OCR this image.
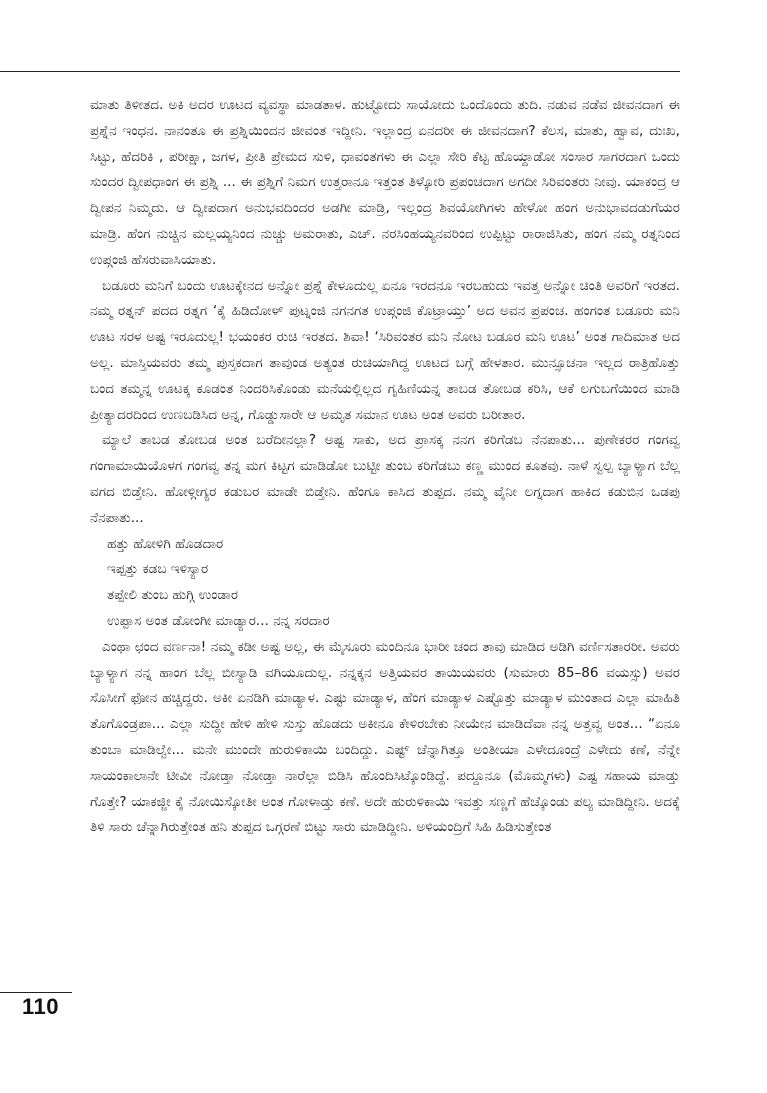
ಮಾತು ತಿಳೀತದ. ಅಕಿ ಅದರ ಊಟದ ವ್ಯವಸ್ಥಾ ಮಾಡತಾಳ. ಹುಟ್ಟೋದು ಸಾಯೋದು ಒಂದೊಂದು ತುದಿ. ನಡುವ ನಡೆವ ಜೀವನದಾಗ ಈ ಪ್ರಶ್ನೆನ ಇಂಧನ. ನಾನಂತೂ ಈ ಪ್ರಶ್ನಿಯಿಂದನ ಜೀವಂತ ಇದ್ದೀನಿ. ಇಲ್ಲಾಂದ್ರ ಏನದರೀ ಈ ಜೀವನದಾಗ? ಕೆಲಸ, ಮಾತು, ಹ್ವಾವ, ದುಃಖ, ಸಿಟ್ಟು, ಹೆದರಿಕಿ , ಪರೀಕ್ಷಾ, ಜಗಳ, ಪ್ರೀತಿ ಪ್ರೇಮದ ಸುಳಿ, ಧಾವಂತಗಳು ಈ ಎಲ್ಲಾ ಸೇರಿ ಕೆಟ್ಟ ಹೊಯ್ದಾಡೋ ಸಂಸಾರ ಸಾಗರದಾಗ ಒಂದು ಸುಂದರ ದ್ವೀಪಧಾಂಗ ಈ ಪ್ರಶ್ನಿ ... ಈ ಪ್ರಶ್ನಿಗೆ ನಿಮಗ ಉತ್ತರಾನೂ ಇತ್ತಂತ ತಿಳ್ಕೋರಿ ಪ್ರಪಂಚದಾಗ ಅಗದೀ ಸಿರಿವಂತರು ನೀವು. ಯಾಕಂದ್ರ ಆ ದ್ವೀಪನ ನಿಮ್ಮದು. ಆ ದ್ವೀಪದಾಗ ಅನುಭವದಿಂದರ ಅಡಗೀ ಮಾಡ್ರಿ, ಇಲ್ಲಂದ್ರ ಶಿವಯೋಗಿಗಳು ಹೇಳೋ ಹಂಗ ಅನುಭಾವದಡುಗೆಯರ ಮಾಡ್ರಿ. ಹೆಂಗ ನುಚ್ಚಿನ ಮಲ್ಲಯ್ಯನಿಂದ ನುಚ್ಚು ಅಮರಾತು, ಎಚ್. ನರಸಿಂಹಯ್ಯನವರಿಂದ ಉಪ್ಪಿಟ್ಟು ರಾರಾಜಿಸಿತು, ಹಂಗ ನಮ್ಮ ರತ್ನನಿಂದ ಉಪ್ಗಂಜಿ ಹೆಸರುವಾಸಿಯಾತು.

ಬಡೂರು ಮನಿಗೆ ಬಂದು ಊಟಕ್ಕೇನದ ಅನ್ನೋ ಪ್ರಶ್ನೆ ಕೇಳೂದುಲ್ಲ ಏನೂ ಇರದನೂ ಇರಬಹುದು ಇವತ್ತ ಅನ್ನೋ ಚಿಂತಿ ಅವರಿಗೆ ಇರತದ. ನಮ್ಮ ರತ್ನನ್ ಪದದ ರತ್ನಗ ‘ಕೈ ಹಿಡಿದೋಳ್ ಪುಟ್ನಂಜಿ ನಗನಗತ ಉಪ್ಗಂಜಿ ಕೊಟ್ರಾಯ್ತು’ ಅದ ಅವನ ಪ್ರಪಂಚ. ಹಂಗಂತ ಬಡೂರು ಮನಿ ಊಟ ಸರಳ ಅಷ್ಟ ಇರೂದುಲ್ಲ! ಭಯಂಕರ ರುಚಿ ಇರತದ. ಶಿವಾ! ‘ಸಿರಿವಂತರ ಮನಿ ನೋಟ ಬಡೂರ ಮನಿ ಊಟ’ ಅಂತ ಗಾದಿಮಾತ ಅದ ಅಲ್ಲ. ಮಾಸ್ತಿಯವರು ತಮ್ಮ ಪುಸ್ತಕದಾಗ ತಾವುಂಡ ಅತ್ಯಂತ ರುಚಿಯಾಗಿದ್ದ ಊಟದ ಬಗ್ಗೆ ಹೇಳತಾರ. ಮುನ್ಸೂಚನಾ ಇಲ್ಲದ ರಾತ್ರಿಹೊತ್ತು ಬಂದ ತಮ್ಮನ್ನ ಊಟಕ್ಕ ಕೂಡಂತ ನಿಂದರಿಸಿಕೊಂಡು ಮನೆಯಲ್ಲಿಲ್ಲದ ಗೃಹಿಣಿಯನ್ನ ತಾಬಡ ತೋಬಡ ಕರಿಸಿ, ಆಕೆ ಲಗುಬಗೆಯಿಂದ ಮಾಡಿ ಪ್ರೀತ್ಯಾದರದಿಂದ ಉಣಬಡಿಸಿದ ಅನ್ನ, ಗೊಡ್ಡುಸಾರೇ ಆ ಅಮೃತ ಸಮಾನ ಊಟ ಅಂತ ಅವರು ಬರೀತಾರ.

ಮ್ಯಾಲೆ ತಾಬಡ ತೋಬಡ ಅಂತ ಬರೆದೀನಲ್ಲಾ? ಅಷ್ಟ ಸಾಕು, ಅದ ಪ್ರಾಸಕ್ಕ ನನಗ ಕರಿಗೆಡಬ ನೆನಪಾತು... ಪುಣೇಕರರ ಗಂಗವ್ವ ಗಂಗಾಮಾಯಿಯೊಳಗ ಗಂಗವ್ವ ತನ್ನ ಮಗ ಕಿಟ್ಟಗ ಮಾಡಿಡೋ ಬುಟ್ಟೀ ತುಂಬ ಕರಿಗೆಡಬು ಕಣ್ಣ ಮುಂದ ಕೂತವು. ನಾಳೆ ಸ್ವಲ್ಪ ಬ್ಯಾಳ್ಯಾಗ ಬೆಲ್ಲ ವಗದ ಬಿಡ್ತೇನಿ. ಹೋಳ್ಗೀಗ್ಯರ ಕಡುಬರ ಮಾಡೇ ಬಿಡ್ತೇನಿ. ಹೆಂಗೂ ಕಾಸಿದ ತುಪ್ಪದ. ನಮ್ಮ ವೈನೀ ಲಗ್ನದಾಗ ಹಾಕಿದ ಕಡುಬಿನ ಒಡಪು ನೆನಪಾತು...

ಹತ್ತು ಹೋಳಿಗಿ ಹೊಡದಾರ
ಇಪ್ಪತ್ತು ಕಡಬ ಇಳಿಸ್ಯಾರ
ತಪ್ಪೇಲಿ ತುಂಬ ಹುಗ್ಗಿ ಉಂಡಾರ
ಉಪ್ಪಾಸ ಅಂತ ಡೋಂಗೀ ಮಾಡ್ಯಾರ... ನನ್ನ ಸರದಾರ

ಎಂಥಾ ಛಂದ ವರ್ಣನಾ! ನಮ್ಮ ಕಡೀ ಅಷ್ಟ ಅಲ್ಲ, ಈ ಮೈಸೂರು ಮಂದಿನೂ ಭಾರೀ ಚಂದ ತಾವು ಮಾಡಿದ ಅಡಿಗಿ ವರ್ಣಿಸತಾರರೀ. ಅವರು ಬ್ಯಾಳ್ಯಾಗ ನನ್ನ ಹಾಂಗ ಬೆಲ್ಲ ಬೀಸ್ಯಾಡಿ ವಗಿಯೂದುಲ್ಲ. ನನ್ನಕ್ಕನ ಅತ್ತಿಯವರ ತಾಯಿಯವರು (ಸುಮಾರು 85–86 ವಯಸ್ಸು) ಅವರ ಸೊಸೀಗೆ ಫೋನ ಹಚ್ಚಿದ್ದರು. ಅಕೀ ಏನಡಿಗಿ ಮಾಡ್ಯಾಳ. ಎಷ್ಟು ಮಾಡ್ಯಾಳ, ಹೆಂಗ ಮಾಡ್ಯಾಳ ಎಷ್ಟೊತ್ತು ಮಾಡ್ಯಾಳ ಮುಂತಾದ ಎಲ್ಲಾ ಮಾಹಿತಿ ತೊಗೊಂಡ್ರಪಾ... ಎಲ್ಲಾ ಸುದ್ದೀ ಹೇಳಿ ಹೇಳಿ ಸುಸ್ತು ಹೊಡದು ಅಕೀನೂ ಕೇಳಿರಬೇಕು ನೀಯೇನ ಮಾಡಿದೆವಾ ನನ್ನ ಅತ್ತವ್ವ ಅಂತ... “ಏನೂ ತುಂಬಾ ಮಾಡಿಲ್ವೇ... ಮನೇ ಮುಂದೇ ಹುರುಳಿಕಾಯಿ ಬಂದಿದ್ದು. ಎಷ್ಟ್ ಚೆನ್ನಾಗಿತ್ತೂ ಅಂತೀಯಾ ಎಳೇದೂಂದ್ರೆ ಎಳೇದು ಕಣೆ, ನೆನ್ನೇ ಸಾಯಂಕಾಲಾನೇ ಟೀವೀ ನೋಡ್ತಾ ನೋಡ್ತಾ ನಾರೆಲ್ಲಾ ಬಿಡಿಸಿ ಹೊಂದಿಸಿಟ್ಕೊಂಡಿದ್ದೆ. ಪದ್ದೂನೂ (ಮೊಮ್ಮಗಳು) ಎಷ್ಟ ಸಹಾಯ ಮಾಡ್ತು ಗೊತ್ತೇ? ಯಾಕಜ್ಜೀ ಕೈ ನೋಯಿಸ್ಕೋತೀ ಅಂತ ಗೋಳಾಡ್ತು ಕಣೆ. ಅದೇ ಹುರುಳಿಕಾಯಿ ಇವತ್ತು ಸಣ್ಣಗೆ ಹೆಚ್ಕೊಂಡು ಪಲ್ಯ ಮಾಡಿದ್ದೀನಿ. ಅದಕ್ಕೆ ತಿಳಿ ಸಾರು ಚೆನ್ನಾಗಿರುತ್ತೇಂತ ಹನಿ ತುಪ್ಪದ ಒಗ್ಗರಣೆ ಬಿಟ್ಟು ಸಾರು ಮಾಡಿದ್ದೀನಿ. ಅಳಿಯಂದ್ರಿಗೆ ಸಿಹಿ ಹಿಡಿಸುತ್ತೇಂತ

110
